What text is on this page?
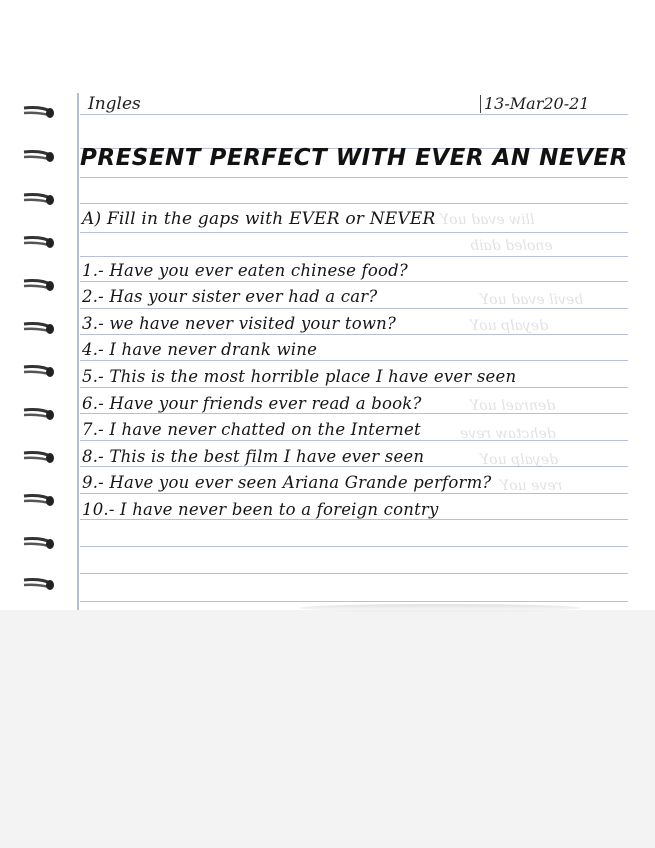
lliw evad uoY
enoled daib
bevil evad uoY
deyalp uoY
denrael uoY
dehctaw reve
deyalp uoY
reve uoY
Ingles	13-Mar20-21
PRESENT PERFECT WITH EVER AN NEVER
A) Fill in the gaps with EVER or NEVER
1.- Have you ever eaten chinese food?
2.- Has your sister ever had a car?
3.- we have never visited your town?
4.- I have never drank wine
5.- This is the most horrible place I have ever seen
6.- Have your friends ever read a book?
7.- I have never chatted on the Internet
8.- This is the best film I have ever seen
9.- Have you ever seen Ariana Grande perform?
10.- I have never been to a foreign contry
